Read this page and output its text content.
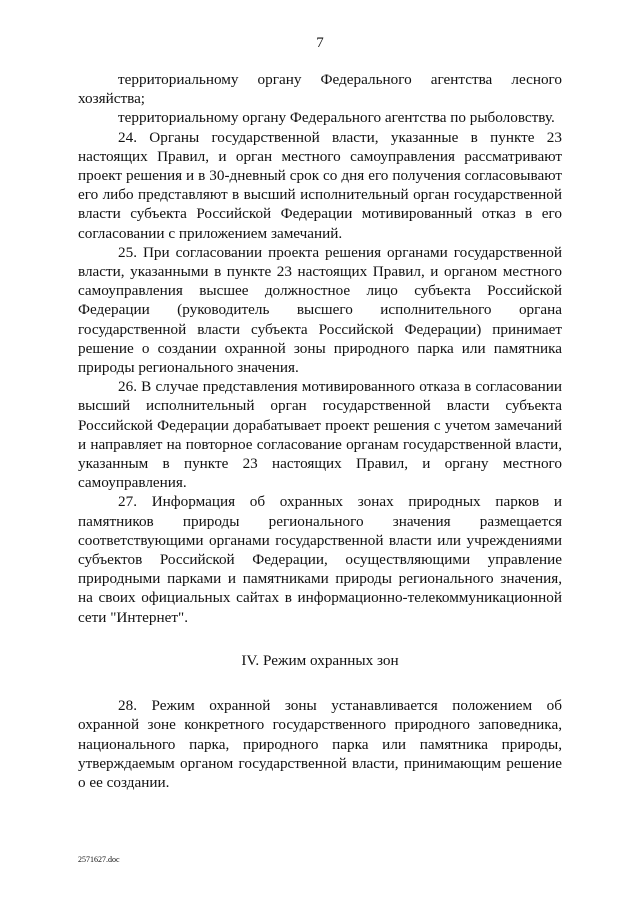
7

территориальному органу Федерального агентства лесного хозяйства;

территориальному органу Федерального агентства по рыболовству.

24. Органы государственной власти, указанные в пункте 23 настоящих Правил, и орган местного самоуправления рассматривают проект решения и в 30-дневный срок со дня его получения согласовывают его либо представляют в высший исполнительный орган государственной власти субъекта Российской Федерации мотивированный отказ в его согласовании с приложением замечаний.

25. При согласовании проекта решения органами государственной власти, указанными в пункте 23 настоящих Правил, и органом местного самоуправления высшее должностное лицо субъекта Российской Федерации (руководитель высшего исполнительного органа государственной власти субъекта Российской Федерации) принимает решение о создании охранной зоны природного парка или памятника природы регионального значения.

26. В случае представления мотивированного отказа в согласовании высший исполнительный орган государственной власти субъекта Российской Федерации дорабатывает проект решения с учетом замечаний и направляет на повторное согласование органам государственной власти, указанным в пункте 23 настоящих Правил, и органу местного самоуправления.

27. Информация об охранных зонах природных парков и памятников природы регионального значения размещается соответствующими органами государственной власти или учреждениями субъектов Российской Федерации, осуществляющими управление природными парками и памятниками природы регионального значения, на своих официальных сайтах в информационно-телекоммуникационной сети "Интернет".

IV. Режим охранных зон

28. Режим охранной зоны устанавливается положением об охранной зоне конкретного государственного природного заповедника, национального парка, природного парка или памятника природы, утверждаемым органом государственной власти, принимающим решение о ее создании.

2571627.doc
